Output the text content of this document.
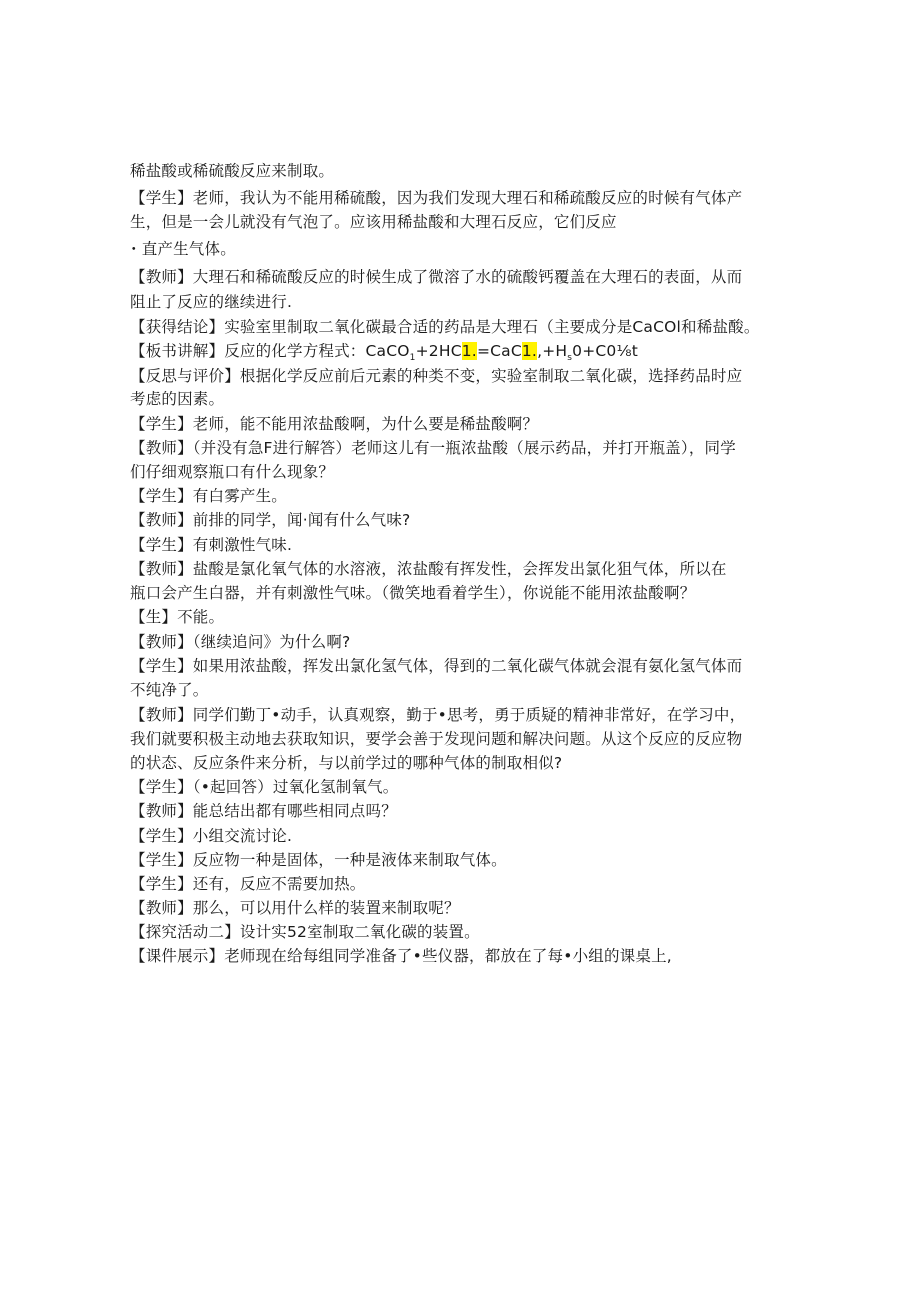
稀盐酸或稀硫酸反应来制取。
【学生】老师，我认为不能用稀硫酸，因为我们发现大理石和稀疏酸反应的时候有气体产
生，但是一会儿就没有气泡了。应该用稀盐酸和大理石反应，它们反应
・直产生气体。
【教师】大理石和稀硫酸反应的时候生成了微溶了水的硫酸钙覆盖在大理石的表面，从而
阻止了反应的继续进行.
【获得结论】实验室里制取二氧化碳最合适的药品是大理石（主要成分是CaCOl和稀盐酸。
【板书讲解】反应的化学方程式：$CaCO_1+2HC1.=CaC1.,+H_s0+C0\frac{1}{8}t$
【反思与评价】根据化学反应前后元素的种类不变，实验室制取二氧化碳，选择药品时应
考虑的因素。
【学生】老师，能不能用浓盐酸啊，为什么要是稀盐酸啊？
【教师】（并没有急F进行解答）老师这儿有一瓶浓盐酸（展示药品，并打开瓶盖），同学
们仔细观察瓶口有什么现象？
【学生】有白雾产生。
【教师】前排的同学，闻·闻有什么气味?
【学生】有刺激性气味.
【教师】盐酸是氯化氧气体的水溶液，浓盐酸有挥发性，会挥发出氯化狙气体，所以在
瓶口会产生白器，并有刺激性气味。（微笑地看着学生），你说能不能用浓盐酸啊？
【生】不能。
【教师】（继续追问》为什么啊?
【学生】如果用浓盐酸，挥发出氯化氢气体，得到的二氧化碳气体就会混有氨化氢气体而
不纯净了。
【教师】同学们勤丁•动手，认真观察，勤于•思考，勇于质疑的精神非常好，在学习中，
我们就要积极主动地去获取知识，要学会善于发现问题和解决问题。从这个反应的反应物
的状态、反应条件来分析，与以前学过的哪种气体的制取相似?
【学生】（•起回答）过氧化氢制氧气。
【教师】能总结出都有哪些相同点吗？
【学生】小组交流讨论.
【学生】反应物一种是固体，一种是液体来制取气体。
【学生】还有，反应不需要加热。
【教师】那么，可以用什么样的装置来制取呢？
【探究活动二】设计实52室制取二氧化碳的装置。
【课件展示】老师现在给每组同学准备了•些仪器，都放在了每•小组的课桌上,
